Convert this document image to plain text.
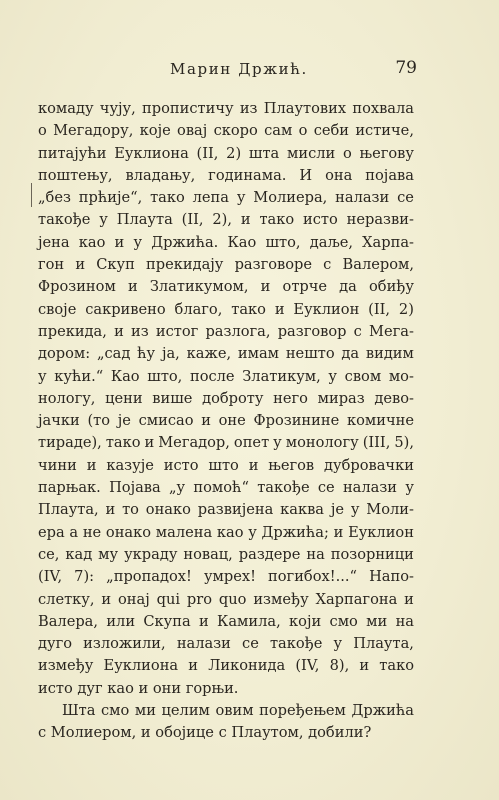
Марин Држић.	79
комаду чују, пропистичу из Плаутових похвала
о Мегадору, које овај скоро сам о себи истиче,
питајући Еуклиона (II, 2) шта мисли о његову
поштењу, владању, годинама. И она појава
„без прћије“, тако лепа у Молиера, налази се
такође у Плаута (II, 2), и тако исто неразви-
јена као и у Држића. Као што, даље, Харпа-
гон и Скуп прекидају разговоре с Валером,
Фрозином и Златикумом, и отрче да обиђу
своје сакривено благо, тако и Еуклион (II, 2)
прекида, и из истог разлога, разговор с Мега-
дором: „сад ћу ја, каже, имам нешто да видим
у кући.“ Као што, после Златикум, у свом мо-
нологу, цени више доброту него мираз дево-
јачки (то је смисао и оне Фрозинине комичне
тираде), тако и Мегадор, опет у монологу (III, 5),
чини и казује исто што и његов дубровачки
парњак. Појава „у помоћ“ такође се налази у
Плаута, и то онако развијена каква је у Моли-
ера а не онако малена као у Држића; и Еуклион
се, кад му украду новац, раздере на позорници
(IV, 7): „пропадох! умрех! погибох!...“ Напо-
слетку, и онај qui pro quo између Харпагона и
Валера, или Скупа и Камила, који смо ми на
дуго изложили, налази се такође у Плаута,
између Еуклиона и Ликонида (IV, 8), и тако
исто дуг као и они горњи.
Шта смо ми целим овим поређењем Држића
с Молиером, и обојице с Плаутом, добили?
